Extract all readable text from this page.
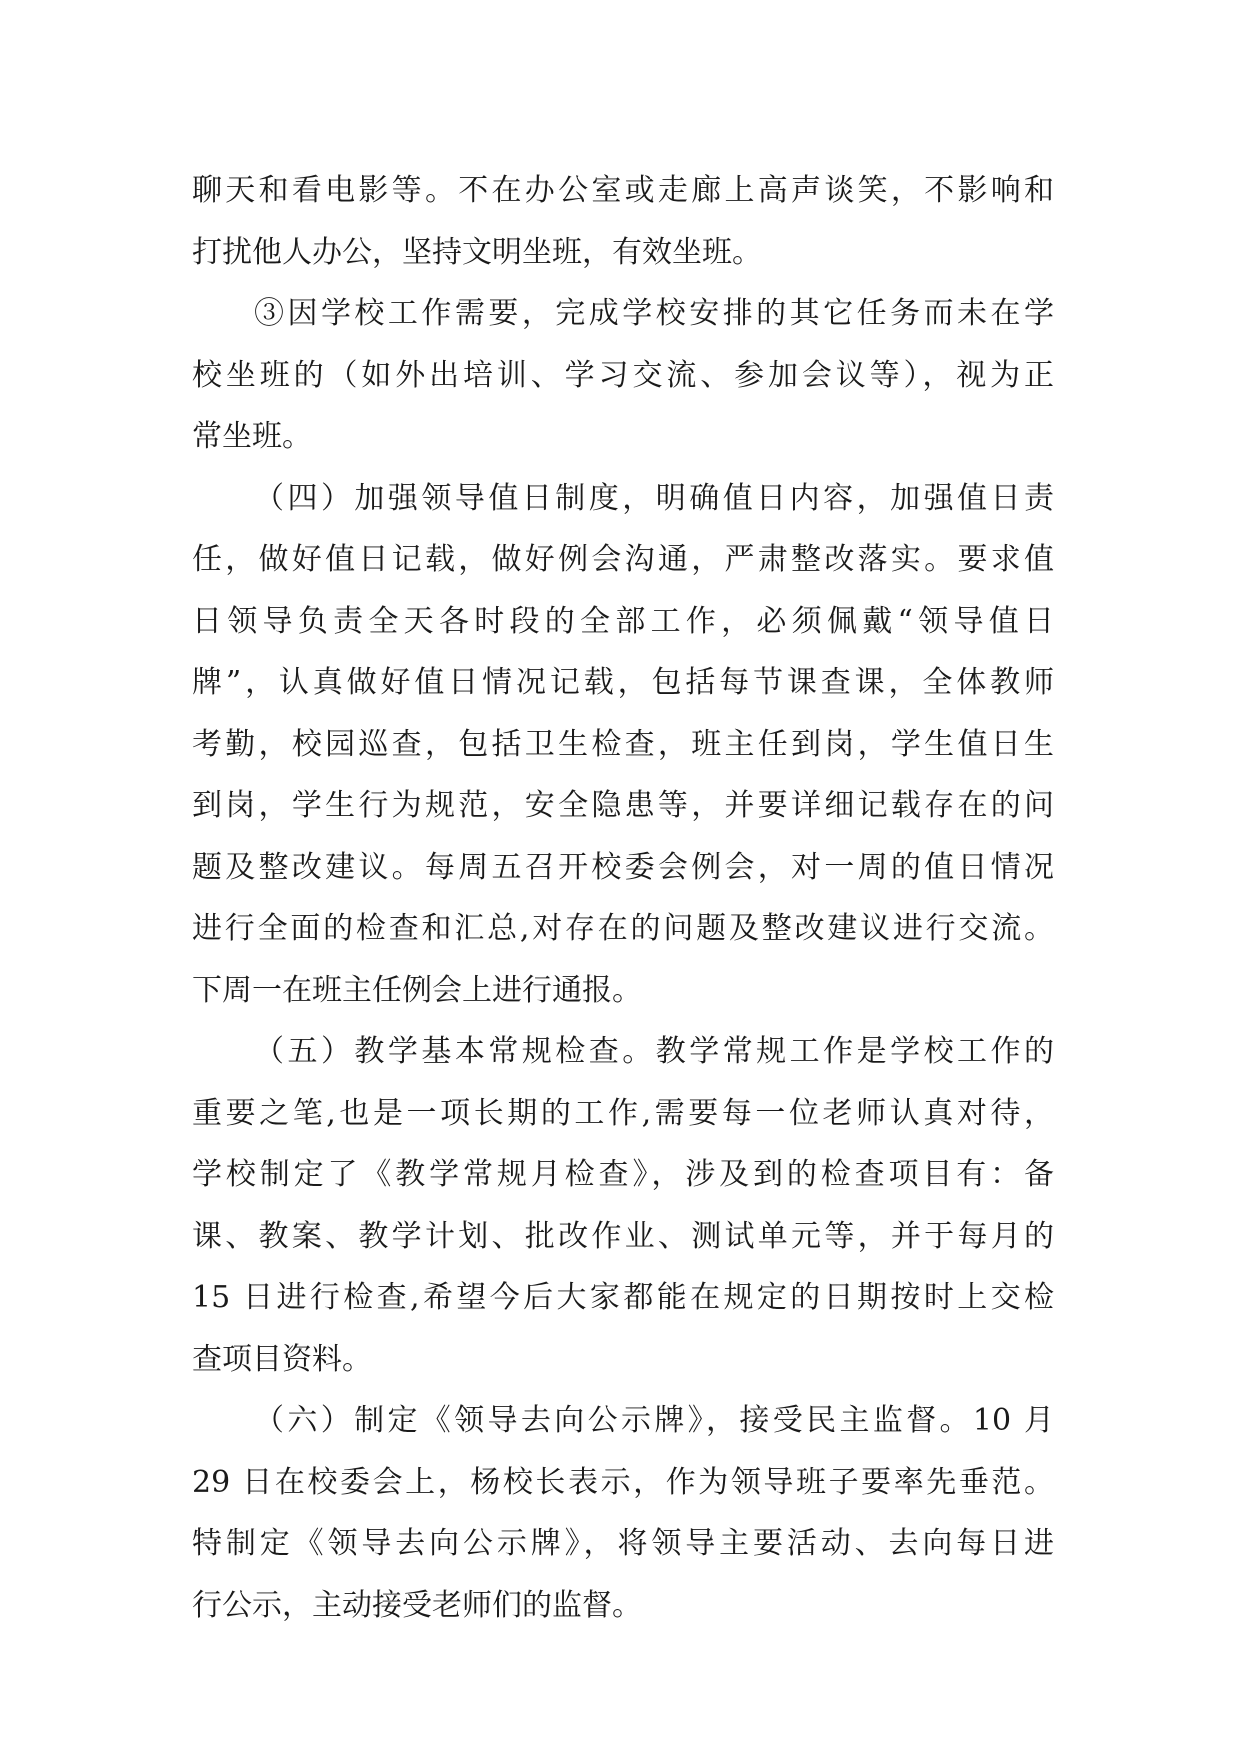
聊天和看电影等。不在办公室或走廊上高声谈笑，不影响和
打扰他人办公，坚持文明坐班，有效坐班。
③因学校工作需要，完成学校安排的其它任务而未在学
校坐班的（如外出培训、学习交流、参加会议等），视为正
常坐班。
（四）加强领导值日制度，明确值日内容，加强值日责
任，做好值日记载，做好例会沟通，严肃整改落实。要求值
日领导负责全天各时段的全部工作，必须佩戴“领导值日
牌”，认真做好值日情况记载，包括每节课查课，全体教师
考勤，校园巡查，包括卫生检查，班主任到岗，学生值日生
到岗，学生行为规范，安全隐患等，并要详细记载存在的问
题及整改建议。每周五召开校委会例会，对一周的值日情况
进行全面的检查和汇总,对存在的问题及整改建议进行交流。
下周一在班主任例会上进行通报。
（五）教学基本常规检查。教学常规工作是学校工作的
重要之笔,也是一项长期的工作,需要每一位老师认真对待，
学校制定了《教学常规月检查》，涉及到的检查项目有：备
课、教案、教学计划、批改作业、测试单元等，并于每月的
15 日进行检查,希望今后大家都能在规定的日期按时上交检
查项目资料。
（六）制定《领导去向公示牌》，接受民主监督。10 月
29 日在校委会上，杨校长表示，作为领导班子要率先垂范。
特制定《领导去向公示牌》，将领导主要活动、去向每日进
行公示，主动接受老师们的监督。
